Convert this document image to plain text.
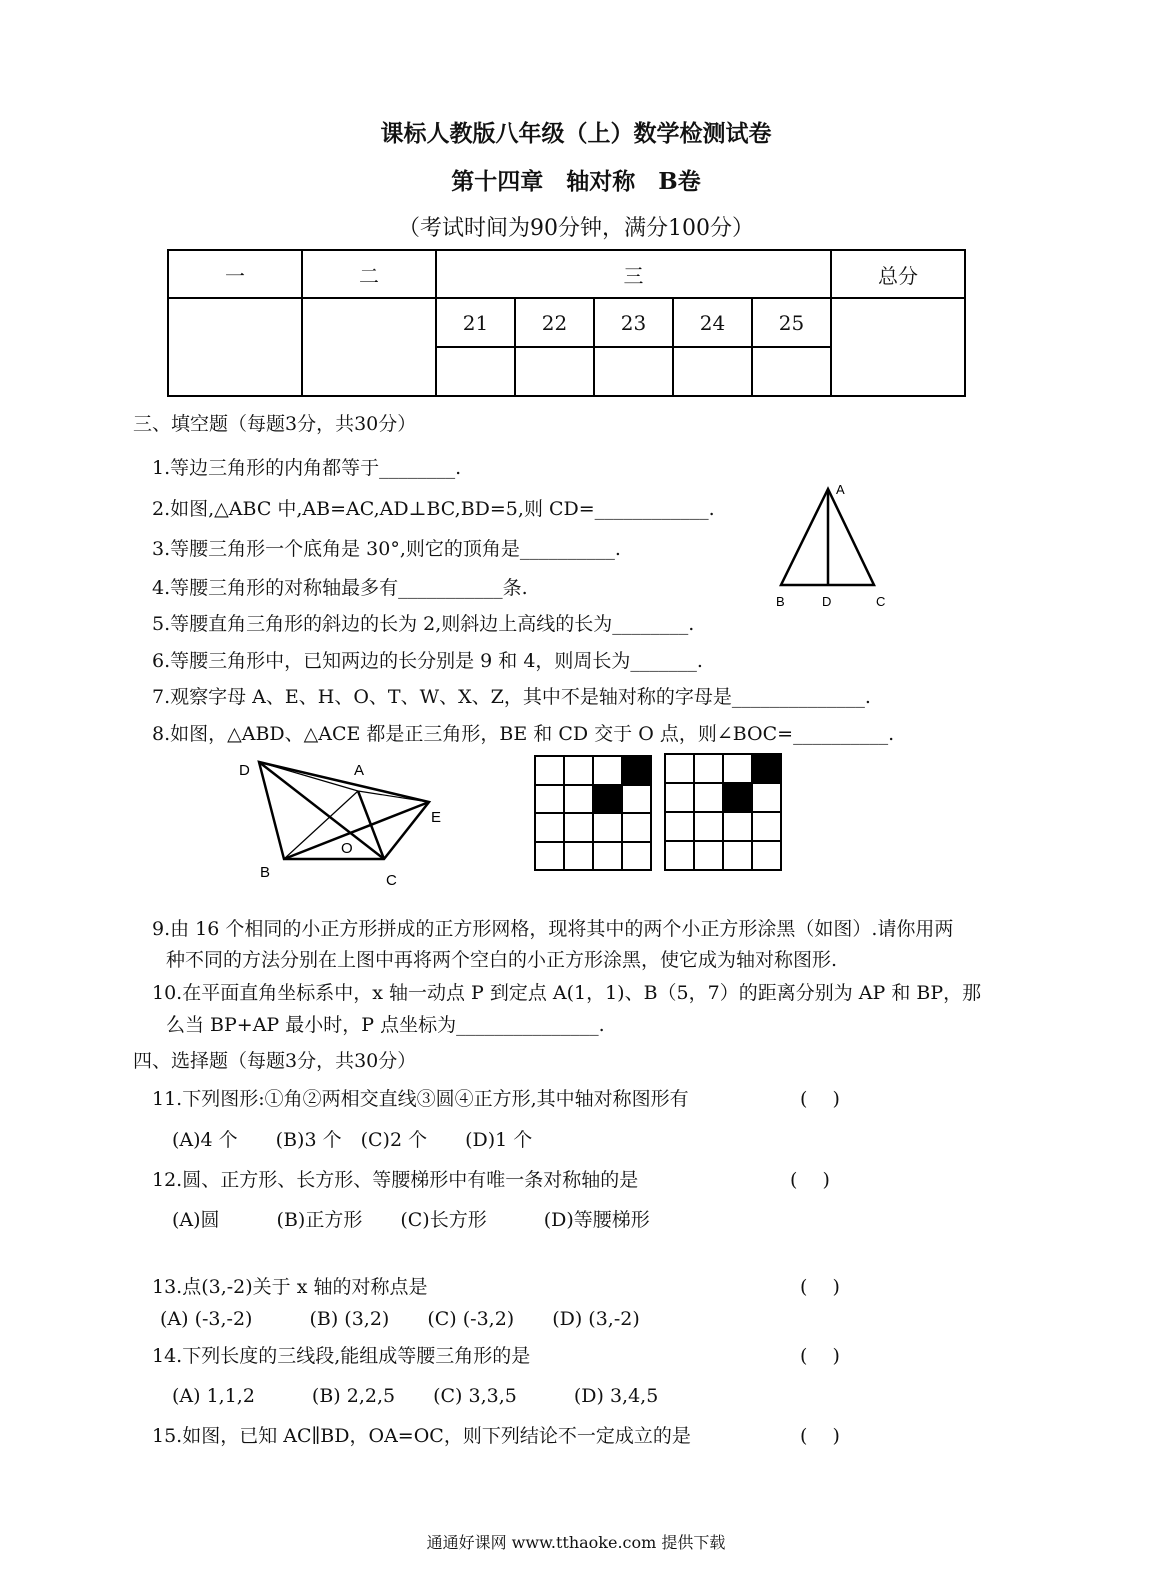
课标人教版八年级（上）数学检测试卷
第十四章　轴对称　B卷
（考试时间为90分钟，满分100分）
一	二	三					总分
		21	22	23	24	25	

三、填空题（每题3分，共30分）
1.等边三角形的内角都等于________.
2.如图,△ABC 中,AB=AC,AD⊥BC,BD=5,则 CD=____________.
3.等腰三角形一个底角是 30°,则它的顶角是__________.
4.等腰三角形的对称轴最多有___________条.
5.等腰直角三角形的斜边的长为 2,则斜边上高线的长为________.
6.等腰三角形中，已知两边的长分别是 9 和 4，则周长为_______.
7.观察字母 A、E、H、O、T、W、X、Z，其中不是轴对称的字母是______________.
8.如图，△ABD、△ACE 都是正三角形，BE 和 CD 交于 O 点，则∠BOC=__________.
A
B	D	C
D	A
E
O
B	C
9.由 16 个相同的小正方形拼成的正方形网格，现将其中的两个小正方形涂黑（如图）.请你用两
种不同的方法分别在上图中再将两个空白的小正方形涂黑，使它成为轴对称图形.
10.在平面直角坐标系中，x 轴一动点 P 到定点 A(1，1)、B（5，7）的距离分别为 AP 和 BP，那
么当 BP+AP 最小时，P 点坐标为_______________.
四、选择题（每题3分，共30分）
11.下列图形:①角②两相交直线③圆④正方形,其中轴对称图形有	(　 )
(A)4 个　　(B)3 个　(C)2 个　　(D)1 个
12.圆、正方形、长方形、等腰梯形中有唯一条对称轴的是	(　 )
(A)圆　　　(B)正方形　　(C)长方形　　　(D)等腰梯形
13.点(3,-2)关于 x 轴的对称点是	(　 )
(A) (-3,-2)　　　(B) (3,2)　　(C) (-3,2)　　(D) (3,-2)
14.下列长度的三线段,能组成等腰三角形的是	(　 )
(A) 1,1,2　　　(B) 2,2,5　　(C) 3,3,5　　　(D) 3,4,5
15.如图，已知 AC∥BD，OA=OC，则下列结论不一定成立的是	(　 )
通通好课网 www.tthaoke.com 提供下载
